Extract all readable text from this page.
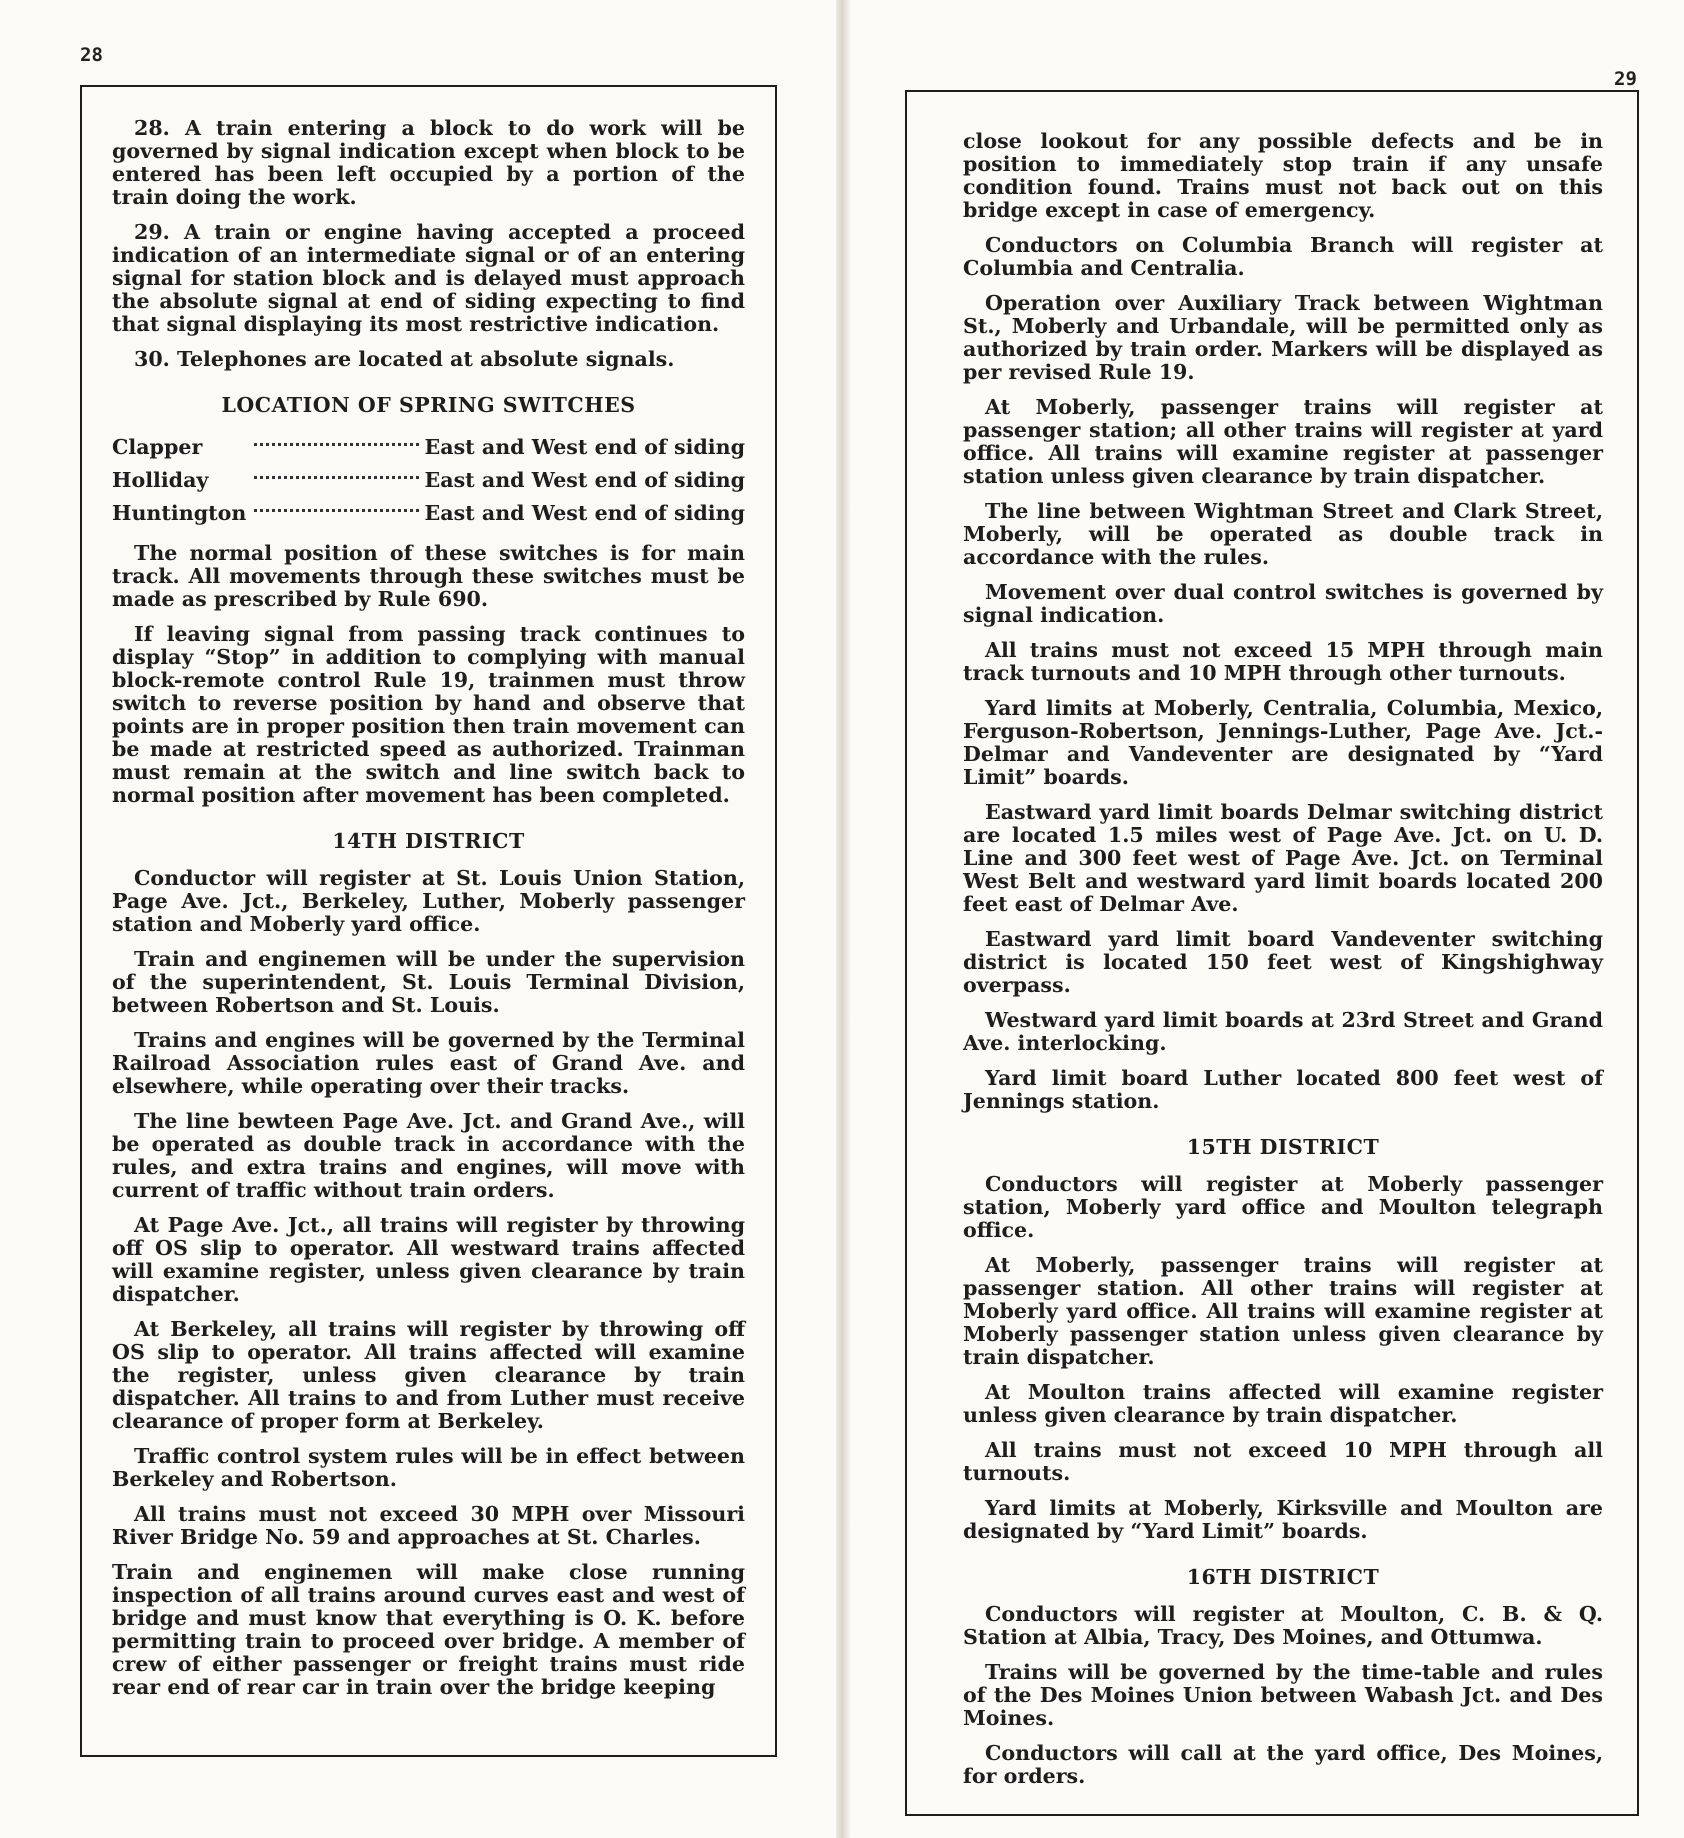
28
29

28. A train entering a block to do work will be governed by signal indication except when block to be entered has been left occupied by a portion of the train doing the work.

29. A train or engine having accepted a proceed indication of an intermediate signal or of an entering signal for station block and is delayed must approach the absolute signal at end of siding expecting to find that signal displaying its most restrictive indication.

30. Telephones are located at absolute signals.

LOCATION OF SPRING SWITCHES
Clapper		East and West end of siding
Holliday		East and West end of siding
Huntington		East and West end of siding

The normal position of these switches is for main track. All movements through these switches must be made as prescribed by Rule 690.

If leaving signal from passing track continues to display “Stop” in addition to complying with manual block-remote control Rule 19, trainmen must throw switch to reverse position by hand and observe that points are in proper position then train movement can be made at restricted speed as authorized. Trainman must remain at the switch and line switch back to normal position after movement has been completed.

14TH DISTRICT

Conductor will register at St. Louis Union Station, Page Ave. Jct., Berkeley, Luther, Moberly passenger station and Moberly yard office.

Train and enginemen will be under the supervision of the superintendent, St. Louis Terminal Division, between Robertson and St. Louis.

Trains and engines will be governed by the Terminal Railroad Association rules east of Grand Ave. and elsewhere, while operating over their tracks.

The line bewteen Page Ave. Jct. and Grand Ave., will be operated as double track in accordance with the rules, and extra trains and engines, will move with current of traffic without train orders.

At Page Ave. Jct., all trains will register by throwing off OS slip to operator. All westward trains affected will examine register, unless given clearance by train dispatcher.

At Berkeley, all trains will register by throwing off OS slip to operator. All trains affected will examine the register, unless given clearance by train dispatcher. All trains to and from Luther must receive clearance of proper form at Berkeley.

Traffic control system rules will be in effect between Berkeley and Robertson.

All trains must not exceed 30 MPH over Missouri River Bridge No. 59 and approaches at St. Charles.

Train and enginemen will make close running inspection of all trains around curves east and west of bridge and must know that everything is O. K. before permitting train to proceed over bridge. A member of crew of either passenger or freight trains must ride rear end of rear car in train over the bridge keeping

close lookout for any possible defects and be in position to immediately stop train if any unsafe condition found. Trains must not back out on this bridge except in case of emergency.

Conductors on Columbia Branch will register at Columbia and Centralia.

Operation over Auxiliary Track between Wightman St., Moberly and Urbandale, will be permitted only as authorized by train order. Markers will be displayed as per revised Rule 19.

At Moberly, passenger trains will register at passenger station; all other trains will register at yard office. All trains will examine register at passenger station unless given clearance by train dispatcher.

The line between Wightman Street and Clark Street, Moberly, will be operated as double track in accordance with the rules.

Movement over dual control switches is governed by signal indication.

All trains must not exceed 15 MPH through main track turnouts and 10 MPH through other turnouts.

Yard limits at Moberly, Centralia, Columbia, Mexico, Ferguson-Robertson, Jennings-Luther, Page Ave. Jct.-Delmar and Vandeventer are designated by “Yard Limit” boards.

Eastward yard limit boards Delmar switching district are located 1.5 miles west of Page Ave. Jct. on U. D. Line and 300 feet west of Page Ave. Jct. on Terminal West Belt and westward yard limit boards located 200 feet east of Delmar Ave.

Eastward yard limit board Vandeventer switching district is located 150 feet west of Kingshighway overpass.

Westward yard limit boards at 23rd Street and Grand Ave. interlocking.

Yard limit board Luther located 800 feet west of Jennings station.

15TH DISTRICT

Conductors will register at Moberly passenger station, Moberly yard office and Moulton telegraph office.

At Moberly, passenger trains will register at passenger station. All other trains will register at Moberly yard office. All trains will examine register at Moberly passenger station unless given clearance by train dispatcher.

At Moulton trains affected will examine register unless given clearance by train dispatcher.

All trains must not exceed 10 MPH through all turnouts.

Yard limits at Moberly, Kirksville and Moulton are designated by “Yard Limit” boards.

16TH DISTRICT

Conductors will register at Moulton, C. B. & Q. Station at Albia, Tracy, Des Moines, and Ottumwa.

Trains will be governed by the time-table and rules of the Des Moines Union between Wabash Jct. and Des Moines.

Conductors will call at the yard office, Des Moines, for orders.
